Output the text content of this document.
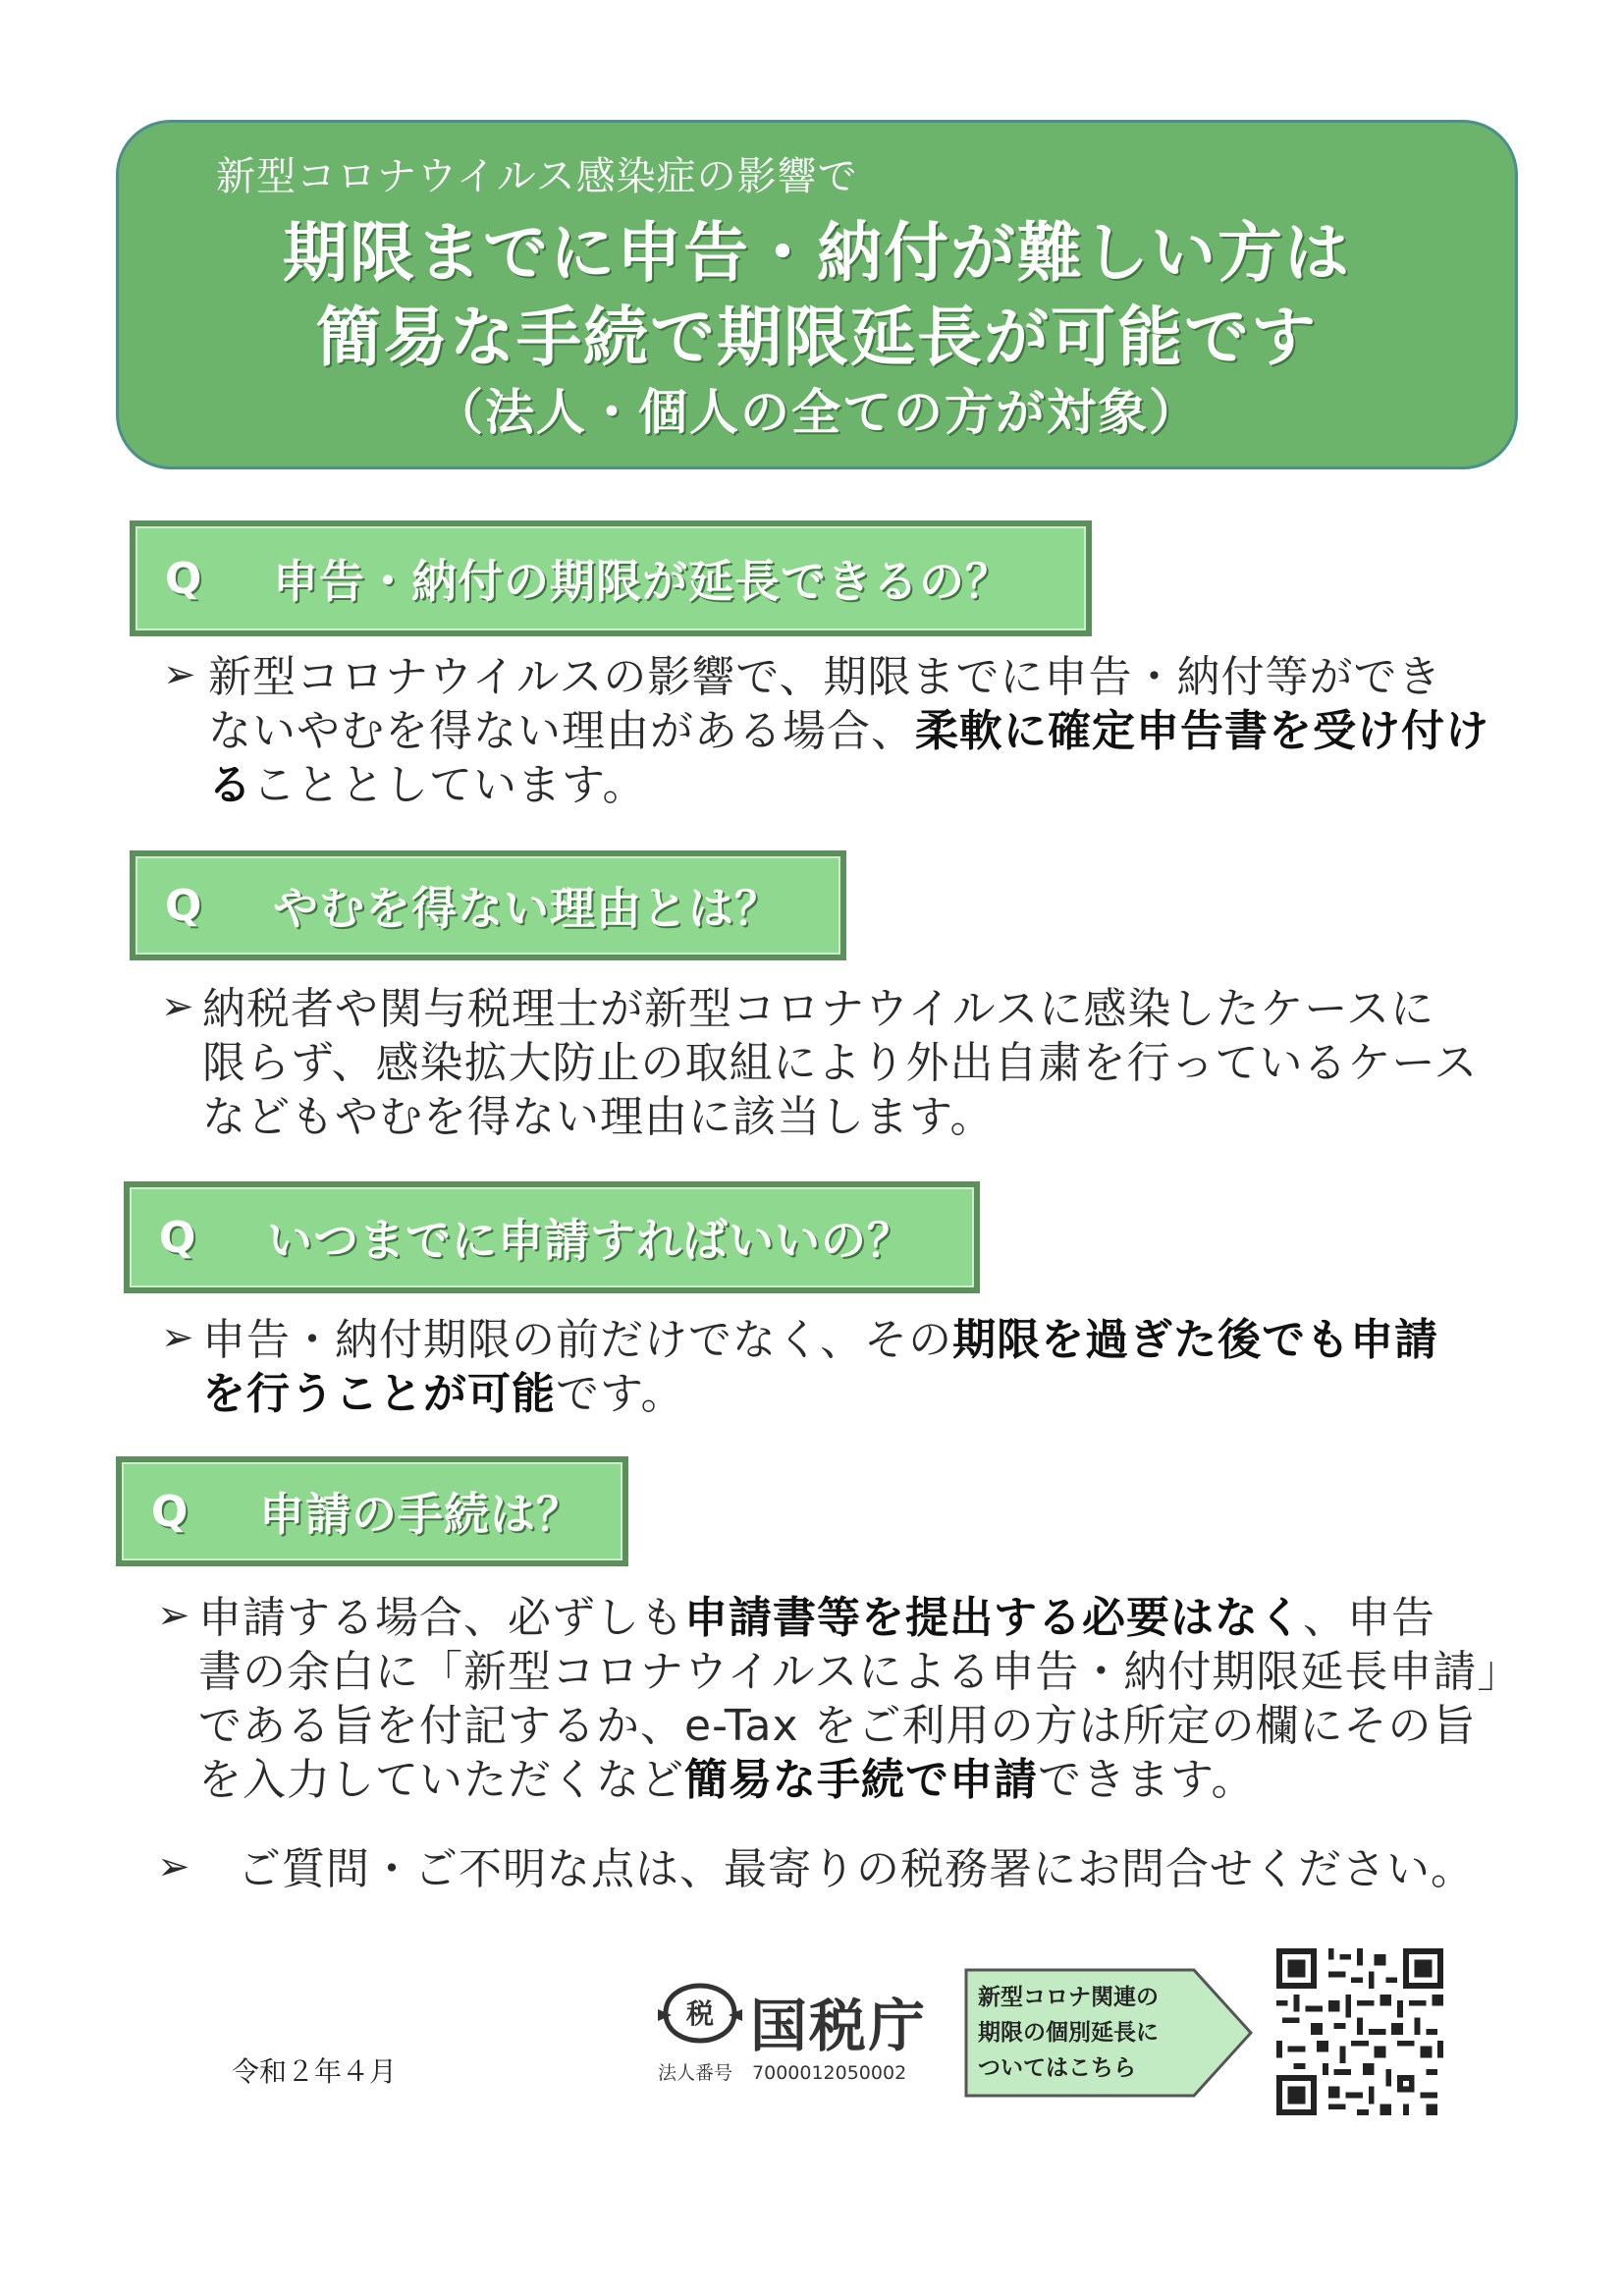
新型コロナウイルス感染症の影響で
期限までに申告・納付が難しい方は
簡易な手続で期限延長が可能です
（法人・個人の全ての方が対象）
Q	申告・納付の期限が延長できるの？
➢ 新型コロナウイルスの影響で、期限までに申告・納付等ができ

ないやむを得ない理由がある場合、柔軟に確定申告書を受け付け

ることとしています。

Q	やむを得ない理由とは？
➢ 納税者や関与税理士が新型コロナウイルスに感染したケースに

限らず、感染拡大防止の取組により外出自粛を行っているケース

などもやむを得ない理由に該当します。

Q	いつまでに申請すればいいの？
➢ 申告・納付期限の前だけでなく、その期限を過ぎた後でも申請

を行うことが可能です。

Q	申請の手続は？
➢ 申請する場合、必ずしも申請書等を提出する必要はなく、申告

書の余白に「新型コロナウイルスによる申告・納付期限延長申請」

である旨を付記するか、e-Tax をご利用の方は所定の欄にその旨

を入力していただくなど簡易な手続で申請できます。

➢ ご質問・ご不明な点は、最寄りの税務署にお問合せください。

令和２年４月
税 国税庁
法人番号 7000012050002

新型コロナ関連の

期限の個別延長に

ついてはこちら
